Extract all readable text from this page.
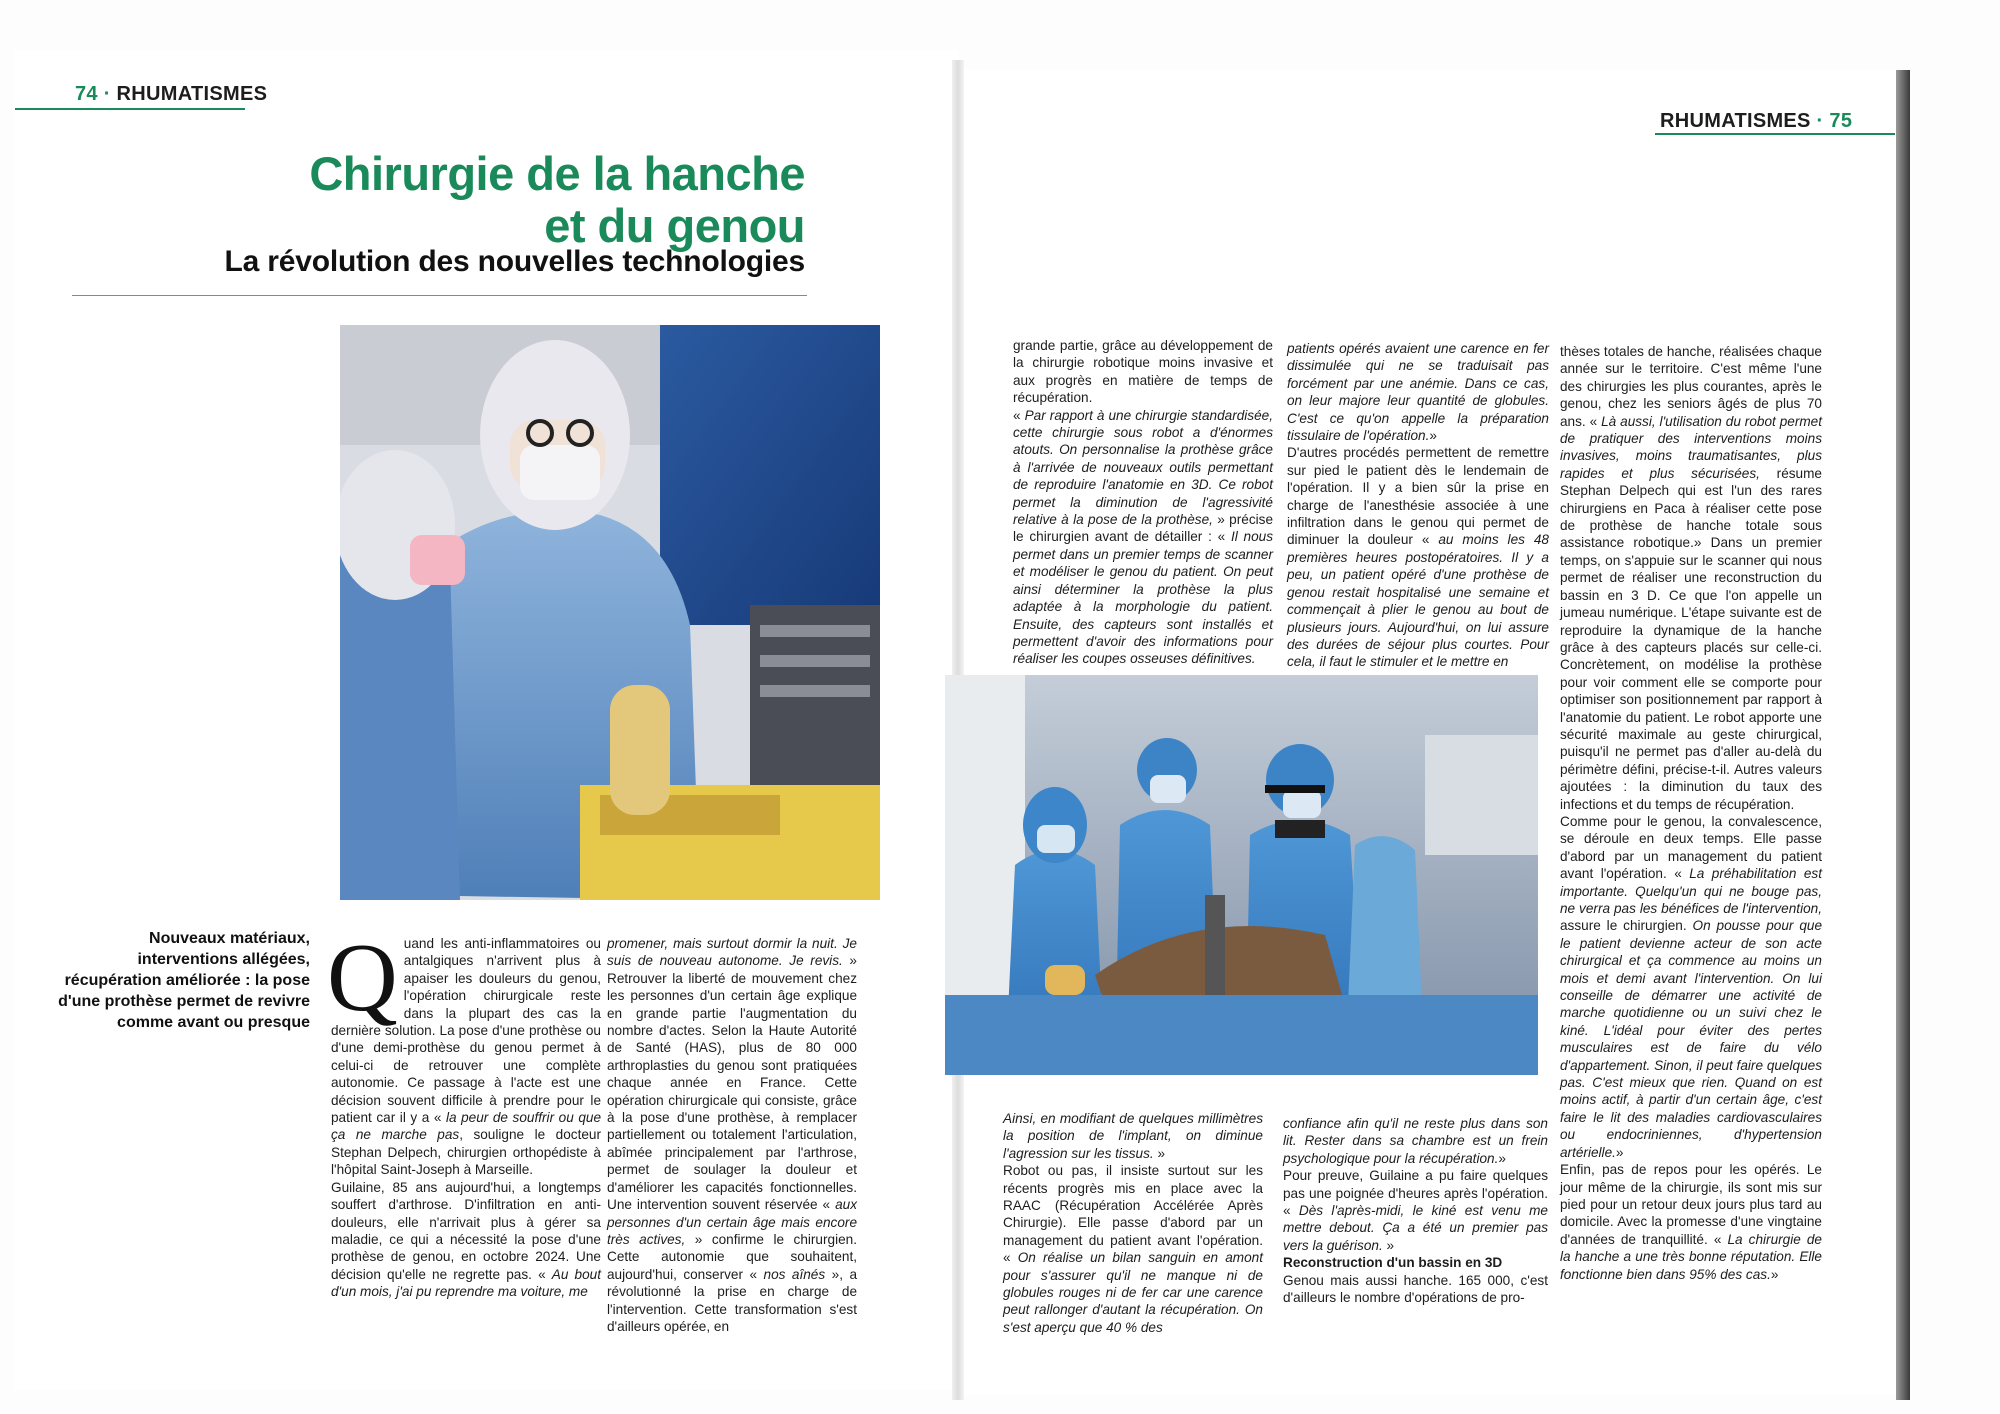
74 · RHUMATISMES
RHUMATISMES · 75
Chirurgie de la hanche
et du genou
La révolution des nouvelles technologies
Nouveaux matériaux, interventions allégées, récupération améliorée : la pose d'une prothèse permet de revivre comme avant ou presque Quand les anti-inflammatoires ou antalgiques n'arrivent plus à apaiser les douleurs du genou, l'opération chirurgicale reste dans la plupart des cas la dernière solution. La pose d'une prothèse ou d'une demi-prothèse du genou permet à celui-ci de retrouver une complète autonomie. Ce passage à l'acte est une décision souvent difficile à prendre pour le patient car il y a « la peur de souffrir ou que ça ne marche pas, souligne le docteur Stephan Delpech, chirurgien orthopédiste à l'hôpital Saint-Joseph à Marseille.

Guilaine, 85 ans aujourd'hui, a longtemps souffert d'arthrose. D'infiltration en anti-douleurs, elle n'arrivait plus à gérer sa maladie, ce qui a nécessité la pose d'une prothèse de genou, en octobre 2024. Une décision qu'elle ne regrette pas. « Au bout d'un mois, j'ai pu reprendre ma voiture, me

promener, mais surtout dormir la nuit. Je suis de nouveau autonome. Je revis. » Retrouver la liberté de mouvement chez les personnes d'un certain âge explique en grande partie l'augmentation du nombre d'actes. Selon la Haute Autorité de Santé (HAS), plus de 80 000 arthroplasties du genou sont pratiquées chaque année en France. Cette opération chirurgicale qui consiste, grâce à la pose d'une prothèse, à remplacer partiellement ou totalement l'articulation, abîmée principalement par l'arthrose, permet de soulager la douleur et d'améliorer les capacités fonctionnelles. Une intervention souvent réservée « aux personnes d'un certain âge mais encore très actives, » confirme le chirurgien. Cette autonomie que souhaitent, aujourd'hui, conserver « nos aînés », a révolutionné la prise en charge de l'intervention. Cette transformation s'est d'ailleurs opérée, en

grande partie, grâce au développement de la chirurgie robotique moins invasive et aux progrès en matière de temps de récupération.

« Par rapport à une chirurgie standardisée, cette chirurgie sous robot a d'énormes atouts. On personnalise la prothèse grâce à l'arrivée de nouveaux outils permettant de reproduire l'anatomie en 3D. Ce robot permet la diminution de l'agressivité relative à la pose de la prothèse, » précise le chirurgien avant de détailler : « Il nous permet dans un premier temps de scanner et modéliser le genou du patient. On peut ainsi déterminer la prothèse la plus adaptée à la morphologie du patient. Ensuite, des capteurs sont installés et permettent d'avoir des informations pour réaliser les coupes osseuses définitives.

patients opérés avaient une carence en fer dissimulée qui ne se traduisait pas forcément par une anémie. Dans ce cas, on leur majore leur quantité de globules. C'est ce qu'on appelle la préparation tissulaire de l'opération.»

D'autres procédés permettent de remettre sur pied le patient dès le lendemain de l'opération. Il y a bien sûr la prise en charge de l'anesthésie associée à une infiltration dans le genou qui permet de diminuer la douleur « au moins les 48 premières heures postopératoires. Il y a peu, un patient opéré d'une prothèse de genou restait hospitalisé une semaine et commençait à plier le genou au bout de plusieurs jours. Aujourd'hui, on lui assure des durées de séjour plus courtes. Pour cela, il faut le stimuler et le mettre en

thèses totales de hanche, réalisées chaque année sur le territoire. C'est même l'une des chirurgies les plus courantes, après le genou, chez les seniors âgés de plus 70 ans. « Là aussi, l'utilisation du robot permet de pratiquer des interventions moins invasives, moins traumatisantes, plus rapides et plus sécurisées, résume Stephan Delpech qui est l'un des rares chirurgiens en Paca à réaliser cette pose de prothèse de hanche totale sous assistance robotique.» Dans un premier temps, on s'appuie sur le scanner qui nous permet de réaliser une reconstruction du bassin en 3 D. Ce que l'on appelle un jumeau numérique. L'étape suivante est de reproduire la dynamique de la hanche grâce à des capteurs placés sur celle-ci. Concrètement, on modélise la prothèse pour voir comment elle se comporte pour optimiser son positionnement par rapport à l'anatomie du patient. Le robot apporte une sécurité maximale au geste chirurgical, puisqu'il ne permet pas d'aller au-delà du périmètre défini, précise-t-il. Autres valeurs ajoutées : la diminution du taux des infections et du temps de récupération.

Comme pour le genou, la convalescence, se déroule en deux temps. Elle passe d'abord par un management du patient avant l'opération. « La préhabilitation est importante. Quelqu'un qui ne bouge pas, ne verra pas les bénéfices de l'intervention, assure le chirurgien. On pousse pour que le patient devienne acteur de son acte chirurgical et ça commence au moins un mois et demi avant l'intervention. On lui conseille de démarrer une activité de marche quotidienne ou un suivi chez le kiné. L'idéal pour éviter des pertes musculaires est de faire du vélo d'appartement. Sinon, il peut faire quelques pas. C'est mieux que rien. Quand on est moins actif, à partir d'un certain âge, c'est faire le lit des maladies cardiovasculaires ou endocriniennes, d'hypertension artérielle.»

Enfin, pas de repos pour les opérés. Le jour même de la chirurgie, ils sont mis sur pied pour un retour deux jours plus tard au domicile. Avec la promesse d'une vingtaine d'années de tranquillité. « La chirurgie de la hanche a une très bonne réputation. Elle fonctionne bien dans 95% des cas.»

Ainsi, en modifiant de quelques millimètres la position de l'implant, on diminue l'agression sur les tissus. »

Robot ou pas, il insiste surtout sur les récents progrès mis en place avec la RAAC (Récupération Accélérée Après Chirurgie). Elle passe d'abord par un management du patient avant l'opération. « On réalise un bilan sanguin en amont pour s'assurer qu'il ne manque ni de globules rouges ni de fer car une carence peut rallonger d'autant la récupération. On s'est aperçu que 40 % des

confiance afin qu'il ne reste plus dans son lit. Rester dans sa chambre est un frein psychologique pour la récupération.»

Pour preuve, Guilaine a pu faire quelques pas une poignée d'heures après l'opération. « Dès l'après-midi, le kiné est venu me mettre debout. Ça a été un premier pas vers la guérison. »

Reconstruction d'un bassin en 3D

Genou mais aussi hanche. 165 000, c'est d'ailleurs le nombre d'opérations de pro-
